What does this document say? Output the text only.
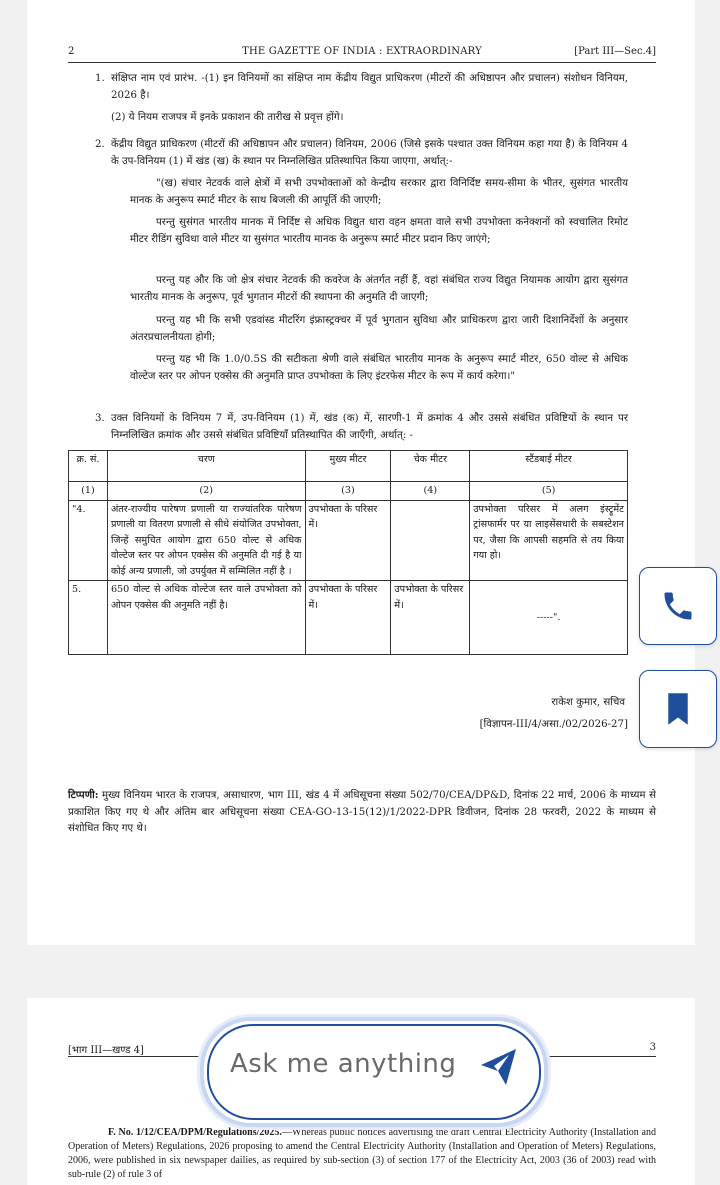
2	THE GAZETTE OF INDIA : EXTRAORDINARY	[Part III—Sec.4]
1. संक्षिप्त नाम एवं प्रारंभ. -(1) इन विनियमों का संक्षिप्त नाम केंद्रीय विद्युत प्राधिकरण (मीटरों की अधिष्ठापन और प्रचालन) संशोधन विनियम, 2026 है।
(2) ये नियम राजपत्र में इनके प्रकाशन की तारीख से प्रवृत्त होंगे।
2. केंद्रीय विद्युत प्राधिकरण (मीटरों की अधिष्ठापन और प्रचालन) विनियम, 2006 (जिसे इसके पश्चात उक्त विनियम कहा गया है) के विनियम 4 के उप-विनियम (1) में खंड (ख) के स्थान पर निम्नलिखित प्रतिस्थापित किया जाएगा, अर्थात्:-
"(ख) संचार नेटवर्क वाले क्षेत्रों में सभी उपभोक्ताओं को केन्द्रीय सरकार द्वारा विनिर्दिष्ट समय-सीमा के भीतर, सुसंगत भारतीय मानक के अनुरूप स्मार्ट मीटर के साथ बिजली की आपूर्ति की जाएगी;
परन्तु सुसंगत भारतीय मानक में निर्दिष्ट से अधिक विद्युत धारा वहन क्षमता वाले सभी उपभोक्ता कनेक्शनों को स्वचालित रिमोट मीटर रीडिंग सुविधा वाले मीटर या सुसंगत भारतीय मानक के अनुरूप स्मार्ट मीटर प्रदान किए जाएंगे;
परन्तु यह और कि जो क्षेत्र संचार नेटवर्क की कवरेज के अंतर्गत नहीं हैं, वहां संबंधित राज्य विद्युत नियामक आयोग द्वारा सुसंगत भारतीय मानक के अनुरूप, पूर्व भुगतान मीटरों की स्थापना की अनुमति दी जाएगी;
परन्तु यह भी कि सभी एडवांस्ड मीटरिंग इंफ्रास्ट्रक्चर में पूर्व भुगतान सुविधा और प्राधिकरण द्वारा जारी दिशानिर्देशों के अनुसार अंतरप्रचालनीयता होगी;
परन्तु यह भी कि 1.0/0.5S की सटीकता श्रेणी वाले संबंधित भारतीय मानक के अनुरूप स्मार्ट मीटर, 650 वोल्ट से अधिक वोल्टेज स्तर पर ओपन एक्सेस की अनुमति प्राप्त उपभोक्ता के लिए इंटरफेस मीटर के रूप में कार्य करेगा।"
3. उक्त विनियमों के विनियम 7 में, उप-विनियम (1) में, खंड (क) में, सारणी-1 में क्रमांक 4 और उससे संबंधित प्रविष्टियों के स्थान पर निम्नलिखित क्रमांक और उससे संबंधित प्रविष्टियाँ प्रतिस्थापित की जाएँगी, अर्थात्: -
क्र. सं.	चरण	मुख्य मीटर	चेक मीटर	स्टैंडबाई मीटर
(1)	(2)	(3)	(4)	(5)
"4.	अंतर-राज्यीय पारेषण प्रणाली या राज्यांतरिक पारेषण प्रणाली या वितरण प्रणाली से सीधे संयोजित उपभोक्ता, जिन्हें समुचित आयोग द्वारा 650 वोल्ट से अधिक वोल्टेज स्तर पर ओपन एक्सेस की अनुमति दी गई है या कोई अन्य प्रणाली, जो उपर्युक्त में सम्मिलित नहीं है ।	उपभोक्ता के परिसर में।		उपभोक्ता परिसर में अलग इंस्ट्रूमेंट ट्रांसफार्मर पर या लाइसेंसधारी के सबस्टेशन पर, जैसा कि आपसी सहमति से तय किया गया हो।
5.	650 वोल्ट से अधिक वोल्टेज स्तर वाले उपभोक्ता को ओपन एक्सेस की अनुमति नहीं है।	उपभोक्ता के परिसर में।	उपभोक्ता के परिसर में।	-----".
राकेश कुमार, सचिव
[विज्ञापन-III/4/असा./02/2026-27]
टिप्पणी: मुख्य विनियम भारत के राजपत्र, असाधारण, भाग III, खंड 4 में अधिसूचना संख्या 502/70/CEA/DP&D, दिनांक 22 मार्च, 2006 के माध्यम से प्रकाशित किए गए थे और अंतिम बार अधिसूचना संख्या CEA-GO-13-15(12)/1/2022-DPR डिवीजन, दिनांक 28 फरवरी, 2022 के माध्यम से संशोधित किए गए थे।
[भाग III—खण्ड 4]	3
F. No. 1/12/CEA/DPM/Regulations/2025.—Whereas public notices advertising the draft Central Electricity Authority (Installation and Operation of Meters) Regulations, 2026 proposing to amend the Central Electricity Authority (Installation and Operation of Meters) Regulations, 2006, were published in six newspaper dailies, as required by sub-section (3) of section 177 of the Electricity Act, 2003 (36 of 2003) read with sub-rule (2) of rule 3 of
Ask me anything
